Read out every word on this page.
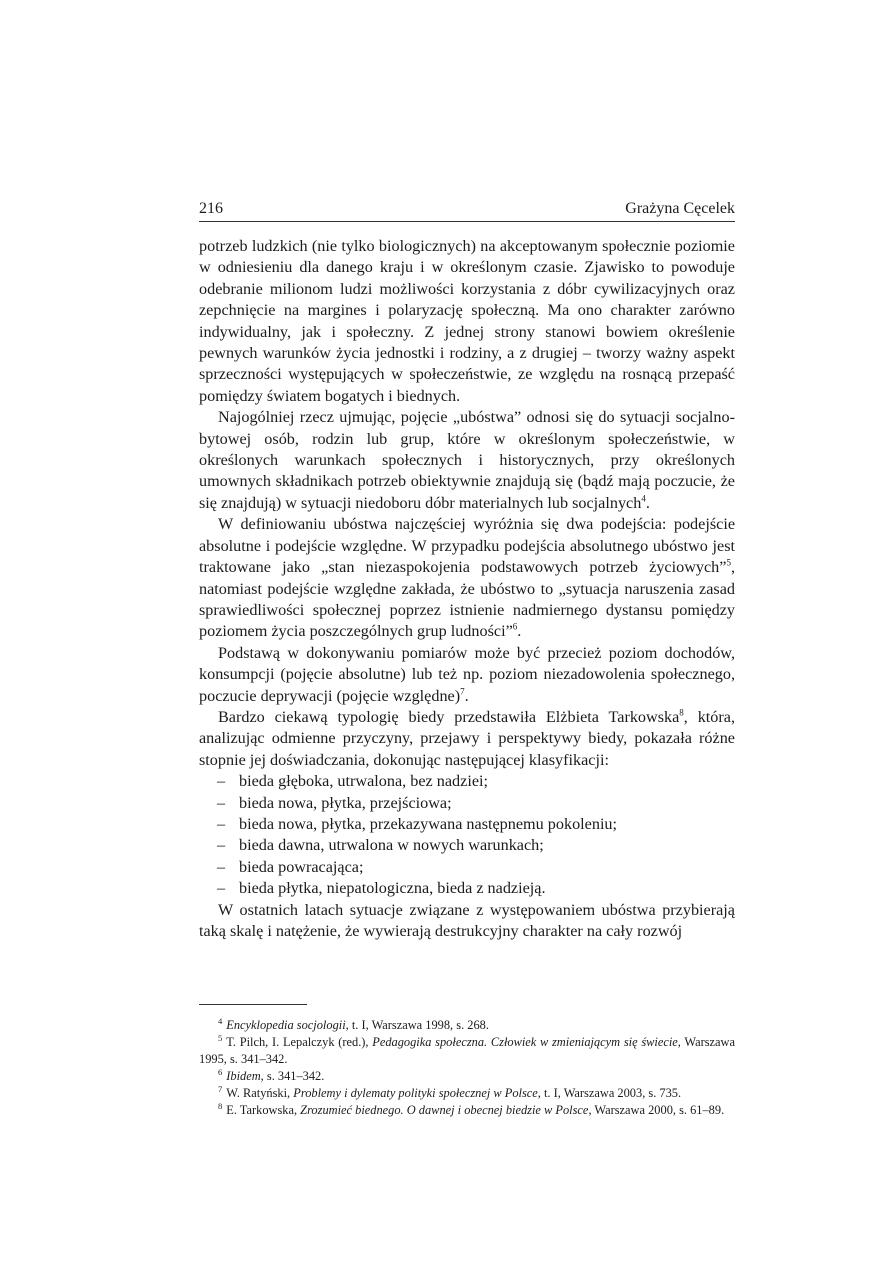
216	Grażyna Cęcelek

potrzeb ludzkich (nie tylko biologicznych) na akceptowanym społecznie poziomie w odniesieniu dla danego kraju i w określonym czasie. Zjawisko to powoduje odebranie milionom ludzi możliwości korzystania z dóbr cywilizacyjnych oraz zepchnięcie na margines i polaryzację społeczną. Ma ono charakter zarówno indywidualny, jak i społeczny. Z jednej strony stanowi bowiem określenie pewnych warunków życia jednostki i rodziny, a z drugiej – tworzy ważny aspekt sprzeczności występujących w społeczeństwie, ze względu na rosnącą przepaść pomiędzy światem bogatych i biednych.

Najogólniej rzecz ujmując, pojęcie „ubóstwa” odnosi się do sytuacji socjalno-bytowej osób, rodzin lub grup, które w określonym społeczeństwie, w określonych warunkach społecznych i historycznych, przy określonych umownych składnikach potrzeb obiektywnie znajdują się (bądź mają poczucie, że się znajdują) w sytuacji niedoboru dóbr materialnych lub socjalnych$^4$.

W definiowaniu ubóstwa najczęściej wyróżnia się dwa podejścia: podejście absolutne i podejście względne. W przypadku podejścia absolutnego ubóstwo jest traktowane jako „stan niezaspokojenia podstawowych potrzeb życiowych”$^5$, natomiast podejście względne zakłada, że ubóstwo to „sytuacja naruszenia zasad sprawiedliwości społecznej poprzez istnienie nadmiernego dystansu pomiędzy poziomem życia poszczególnych grup ludności”$^6$.

Podstawą w dokonywaniu pomiarów może być przecież poziom dochodów, konsumpcji (pojęcie absolutne) lub też np. poziom niezadowolenia społecznego, poczucie deprywacji (pojęcie względne)$^7$.

Bardzo ciekawą typologię biedy przedstawiła Elżbieta Tarkowska$^8$, która, analizując odmienne przyczyny, przejawy i perspektywy biedy, pokazała różne stopnie jej doświadczania, dokonując następującej klasyfikacji:

– bieda głęboka, utrwalona, bez nadziei;
– bieda nowa, płytka, przejściowa;
– bieda nowa, płytka, przekazywana następnemu pokoleniu;
– bieda dawna, utrwalona w nowych warunkach;
– bieda powracająca;
– bieda płytka, niepatologiczna, bieda z nadzieją.

W ostatnich latach sytuacje związane z występowaniem ubóstwa przybierają taką skalę i natężenie, że wywierają destrukcyjny charakter na cały rozwój

$^4$ Encyklopedia socjologii, t. I, Warszawa 1998, s. 268.

$^5$ T. Pilch, I. Lepalczyk (red.), Pedagogika społeczna. Człowiek w zmieniającym się świecie, Warszawa 1995, s. 341–342.

$^6$ Ibidem, s. 341–342.

$^7$ W. Ratyński, Problemy i dylematy polityki społecznej w Polsce, t. I, Warszawa 2003, s. 735.

$^8$ E. Tarkowska, Zrozumieć biednego. O dawnej i obecnej biedzie w Polsce, Warszawa 2000, s. 61–89.
